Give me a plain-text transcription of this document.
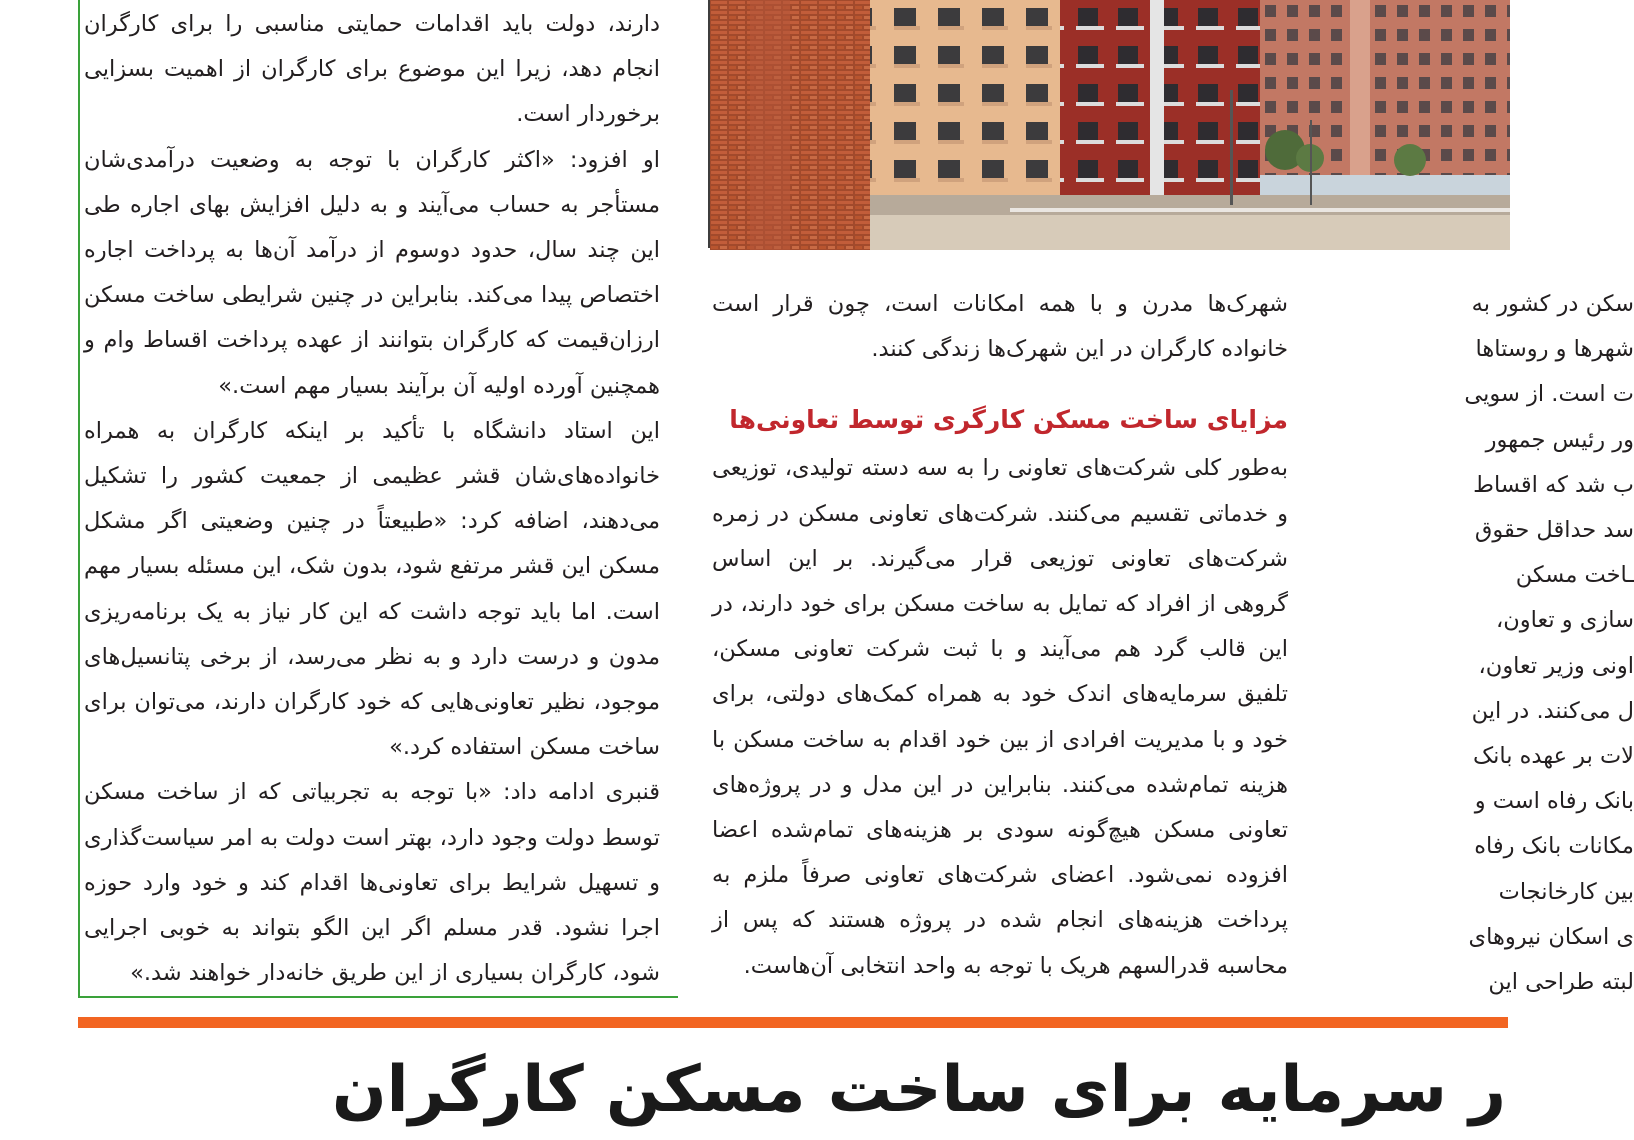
دارند، دولت باید اقدامات حمایتی مناسبی را برای کارگران انجام دهد، زیرا این موضوع برای کارگران از اهمیت بسزایی برخوردار است.

او افزود: «اکثر کارگران با توجه به وضعیت درآمدی‌شان مستأجر به حساب می‌آیند و به دلیل افزایش بهای اجاره طی این چند سال، حدود دوسوم از درآمد آن‌ها به پرداخت اجاره اختصاص پیدا می‌کند. بنابراین در چنین شرایطی ساخت مسکن ارزان‌قیمت که کارگران بتوانند از عهده پرداخت اقساط وام و همچنین آورده اولیه آن برآیند بسیار مهم است.»

این استاد دانشگاه با تأکید بر اینکه کارگران به همراه خانواده‌های‌شان قشر عظیمی از جمعیت کشور را تشکیل می‌دهند، اضافه کرد: «طبیعتاً در چنین وضعیتی اگر مشکل مسکن این قشر مرتفع شود، بدون شک، این مسئله بسیار مهم است. اما باید توجه داشت که این کار نیاز به یک برنامه‌ریزی مدون و درست دارد و به نظر می‌رسد، از برخی پتانسیل‌های موجود، نظیر تعاونی‌هایی که خود کارگران دارند، می‌توان برای ساخت مسکن استفاده کرد.»

قنبری ادامه داد: «با توجه به تجربیاتی که از ساخت مسکن توسط دولت وجود دارد، بهتر است دولت به امر سیاست‌گذاری و تسهیل شرایط برای تعاونی‌ها اقدام کند و خود وارد حوزه اجرا نشود. قدر مسلم اگر این الگو بتواند به خوبی اجرایی شود، کارگران بسیاری از این طریق خانه‌دار خواهند شد.»

شهرک‌ها مدرن و با همه امکانات است، چون قرار است خانواده کارگران در این شهرک‌ها زندگی کنند.

مزایای ساخت مسکن کارگری توسط تعاونی‌ها

به‌طور کلی شرکت‌های تعاونی را به سه دسته تولیدی، توزیعی و خدماتی تقسیم می‌کنند. شرکت‌های تعاونی مسکن در زمره شرکت‌های تعاونی توزیعی قرار می‌گیرند. بر این اساس گروهی از افراد که تمایل به ساخت مسکن برای خود دارند، در این قالب گرد هم می‌آیند و با ثبت شرکت تعاونی مسکن، تلفیق سرمایه‌های اندک خود به همراه کمک‌های دولتی، برای خود و با مدیریت افرادی از بین خود اقدام به ساخت مسکن با هزینه تمام‌شده می‌کنند. بنابراین در این مدل و در پروژه‌های تعاونی مسکن هیچ‌گونه سودی بر هزینه‌های تمام‌شده اعضا افزوده نمی‌شود. اعضای شرکت‌های تعاونی صرفاً ملزم به پرداخت هزینه‌های انجام شده در پروژه هستند که پس از محاسبه قدرالسهم هریک با توجه به واحد انتخابی آن‌هاست.

سکن در کشور به
شهرها و روستاها
ت است. از سویی
ور رئیس جمهور
ب شد که اقساط
سد حداقل حقوق
ـاخت مسکن
سازی و تعاون،
اونی وزیر تعاون،
ل می‌کنند. در این
لات بر عهده بانک
بانک رفاه است و
مکانات بانک رفاه
بین کارخانجات
ی اسکان نیروهای
لبته طراحی این
ر سرمایه برای ساخت مسکن کارگران
